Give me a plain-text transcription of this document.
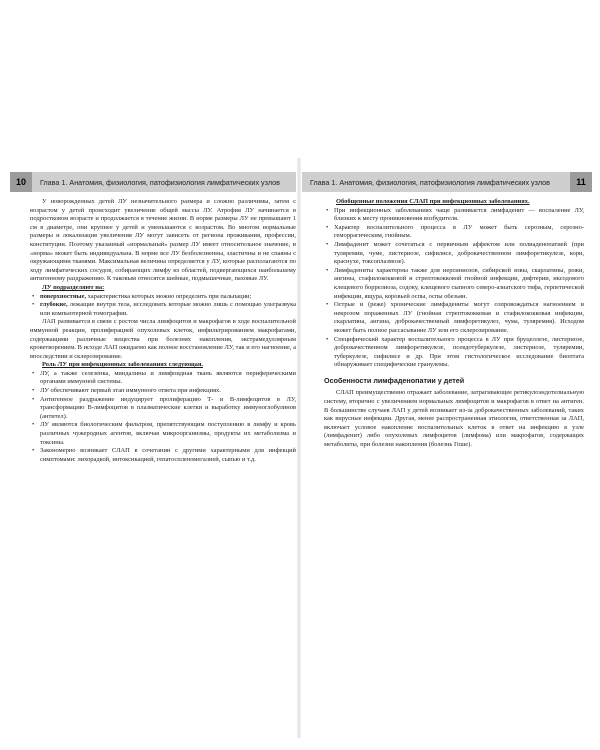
10	Глава 1. Анатомия, физиология, патофизиология лимфатических узлов

У новорожденных детей ЛУ незначительного размера и сложно различимы, затем с возрастом у детей происходит увеличение общей массы ЛУ. Атрофия ЛУ начинается в подростковом возрасте и продолжается в течение жизни. В норме размеры ЛУ не превышают 1 см в диаметре, они крупнее у детей и уменьшаются с возрастом. Во многом нормальные размеры и локализация увеличения ЛУ могут зависеть от региона проживания, профессии, конституции. Поэтому указанный «нормальный» размер ЛУ имеет относительное значение, и «норма» может быть индивидуальна. В норме все ЛУ безболезненны, эластичны и не спаяны с окружающими тканями. Максимальная величина определяется у ЛУ, которые располагаются по ходу лимфатических сосудов, собирающих лимфу из областей, подвергающихся наибольшему антигенному раздражению. К таковым относятся шейные, подмышечные, паховые ЛУ.

ЛУ подразделяют на:

• поверхностные, характеристика которых можно определить при пальпации;
• глубокие, лежащие внутри тела, исследовать которые можно лишь с помощью ультразвука или компьютерной томографии.

ЛАП развивается в связи с ростом числа лимфоцитов и макрофагов в ходе воспалительной иммунной реакции, пролиферацией опухолевых клеток, инфильтрированием макрофагами, содержащими различные вещества при болезнях накопления, экстрамедуллярным кроветворением. В исходе ЛАП ожидаемо как полное восстановление ЛУ, так и его нагноение, а впоследствии и склерозирование.

Роль ЛУ при инфекционных заболеваниях следующая.

• ЛУ, а также селезенка, миндалины и лимфоидная ткань являются периферическими органами иммунной системы.
• ЛУ обеспечивают первый этап иммунного ответа при инфекциях.
• Антигенное раздражение индуцирует пролиферацию Т- и В-лимфоцитов в ЛУ, трансформацию В-лимфоцитов в плазматические клетки и выработку иммуноглобулинов (антител).
• ЛУ являются биологическим фильтром, препятствующим поступлению в лимфу и кровь различных чужеродных агентов, включая микроорганизмы, продукты их метаболизма и токсины.
• Закономерно возникает СЛАП в сочетании с другими характерными для инфекций симптомами: лихорадкой, интоксикацией, гепатоспленомегалией, сыпью и т.д.
Глава 1. Анатомия, физиология, патофизиология лимфатических узлов	11

Обобщенные положения СЛАП при инфекционных заболеваниях.

• При инфекционных заболеваниях чаще развивается лимфаденит — воспаление ЛУ, близких к месту проникновения возбудителя.
• Характер воспалительного процесса в ЛУ может быть серозным, серозно-геморрагическим, гнойным.
• Лимфаденит может сочетаться с первичным аффектом или полиаденопатией (при туляремии, чуме, листериозе, сифилисе, доброкачественном лимфоретикулезе, кори, краснухе, токсоплазмозе).
• Лимфадениты характерны также для иерсиниозов, сибирской язвы, скарлатины, рожи, ангины, стафилококковой и стрептококковой гнойной инфекции, дифтерии, иксодового клещевого боррелиоза, содоку, клещевого сыпного северо-азиатского тифа, герпетической инфекции, ящура, коровьей оспы, оспы обезьян.
• Острые и (реже) хронические лимфадениты могут сопровождаться нагноением и некрозом пораженных ЛУ (гнойная стрептококковая и стафилококковая инфекции, скарлатина, ангина, доброкачественный лимфоретикулез, чума, туляремия). Исходом может быть полное рассасывание ЛУ или его склерозирование.
• Специфический характер воспалительного процесса в ЛУ при бруцеллезе, листериозе, доброкачественном лимфоретикулезе, псевдотуберкулезе, листериозе, туляремии, туберкулезе, сифилисе и др. При этом гистологическое исследование биоптата обнаруживает специфические гранулемы.

Особенности лимфаденопатии у детей

СЛАП преимущественно отражает заболевание, затрагивающее ретикулоэндотелиальную систему, вторично с увеличением нормальных лимфоцитов и макрофагов в ответ на антиген. В большинстве случаев ЛАП у детей возникает из-за доброкачественных заболеваний, таких как вирусные инфекции. Другая, менее распространенная этиология, ответственная за ЛАП, включает условое накопление воспалительных клеток в ответ на инфекцию в узле (лимфаденит) либо опухолевых лимфоцитов (лимфома) или макрофагов, содержащих метаболиты, при болезни накопления (болезнь Гоше).
